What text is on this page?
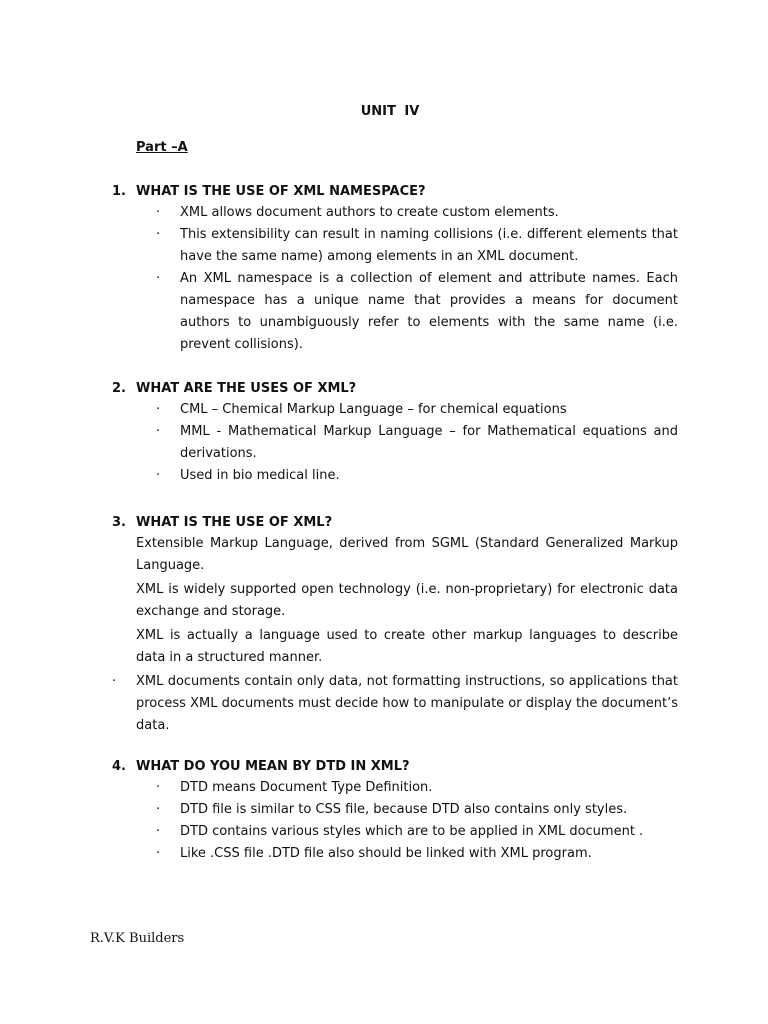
UNIT IV
Part –A
1. WHAT IS THE USE OF XML NAMESPACE?
· XML allows document authors to create custom elements.
· This extensibility can result in naming collisions (i.e. different elements that have the same name) among elements in an XML document.
· An XML namespace is a collection of element and attribute names. Each namespace has a unique name that provides a means for document authors to unambiguously refer to elements with the same name (i.e. prevent collisions).
2. WHAT ARE THE USES OF XML?
· CML – Chemical Markup Language – for chemical equations
· MML - Mathematical Markup Language – for Mathematical equations and derivations.
· Used in bio medical line.
3. WHAT IS THE USE OF XML?

Extensible Markup Language, derived from SGML (Standard Generalized Markup Language.

XML is widely supported open technology (i.e. non-proprietary) for electronic data exchange and storage.

XML is actually a language used to create other markup languages to describe data in a structured manner.

· XML documents contain only data, not formatting instructions, so applications that process XML documents must decide how to manipulate or display the document’s data.
4. WHAT DO YOU MEAN BY DTD IN XML?
· DTD means Document Type Definition.
· DTD file is similar to CSS file, because DTD also contains only styles.
· DTD contains various styles which are to be applied in XML document .
· Like .CSS file .DTD file also should be linked with XML program.
R.V.K Builders
